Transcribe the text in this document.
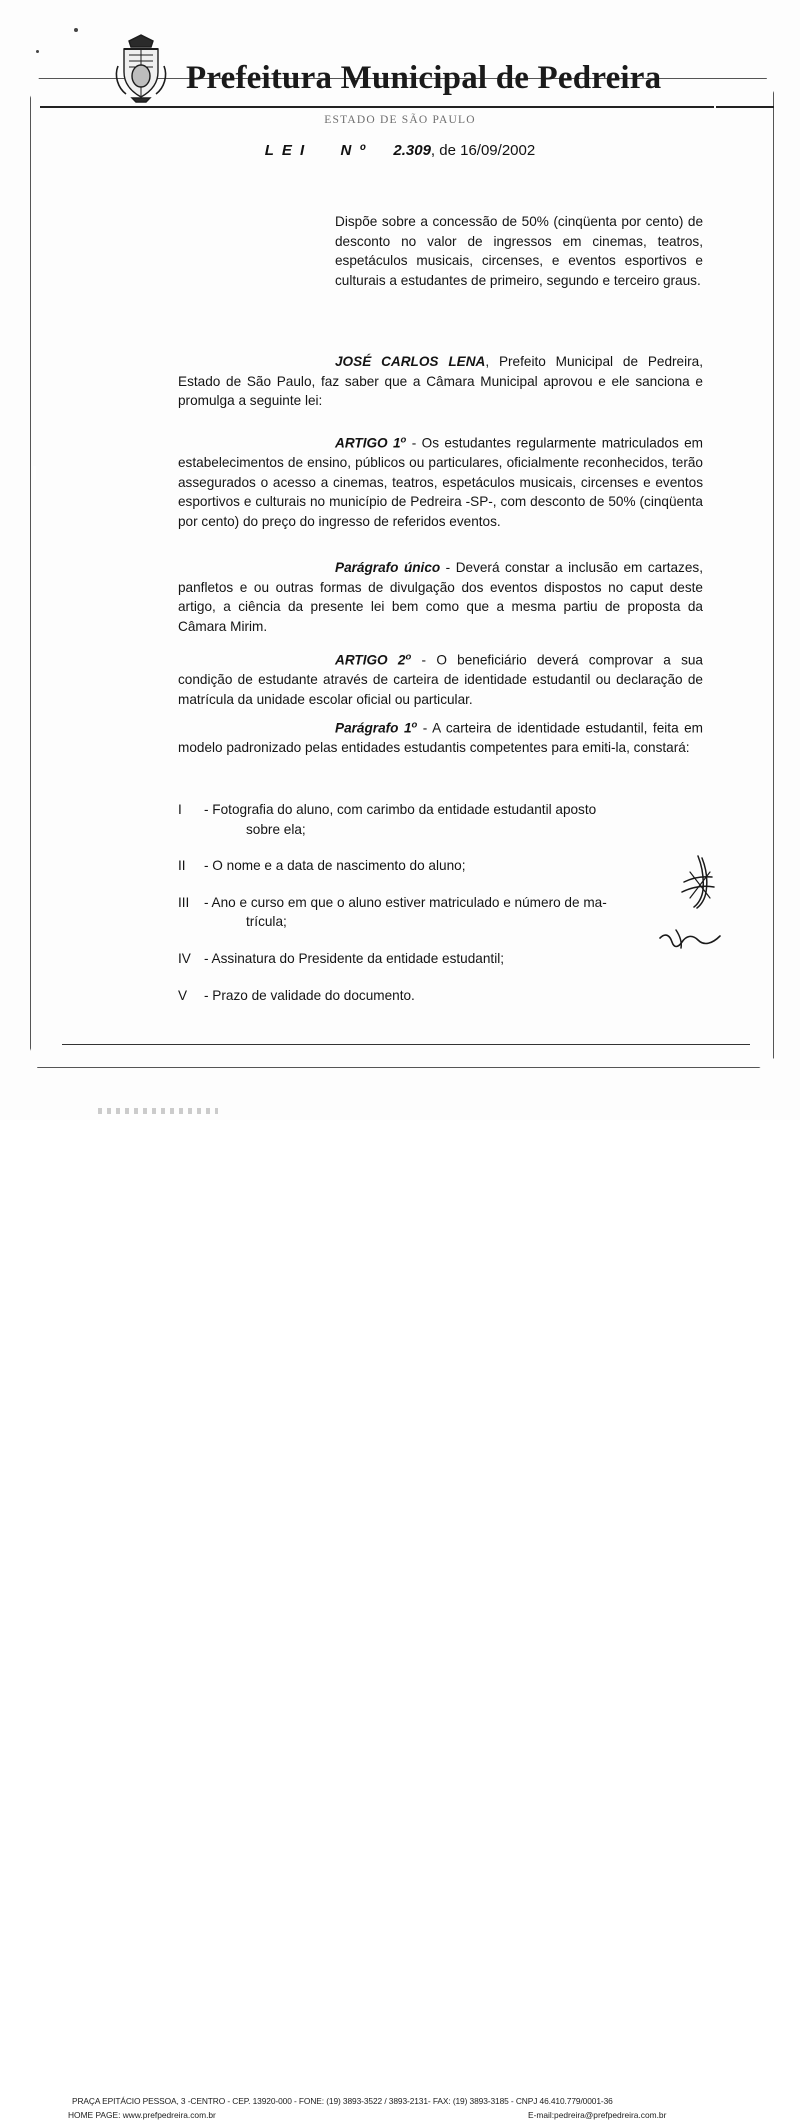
Prefeitura Municipal de Pedreira
ESTADO DE SÃO PAULO
L E I N º 2.309, de 16/09/2002
Dispõe sobre a concessão de 50% (cinqüenta por cento) de desconto no valor de ingressos em cinemas, teatros, espetáculos musicais, circenses, e eventos esportivos e culturais a estudantes de primeiro, segundo e terceiro graus.

JOSÉ CARLOS LENA, Prefeito Municipal de Pedreira, Estado de São Paulo, faz saber que a Câmara Municipal aprovou e ele sanciona e promulga a seguinte lei:

ARTIGO 1$^o$ - Os estudantes regularmente matriculados em estabelecimentos de ensino, públicos ou particulares, oficialmente reconhecidos, terão assegurados o acesso a cinemas, teatros, espetáculos musicais, circenses e eventos esportivos e culturais no município de Pedreira -SP-, com desconto de 50% (cinqüenta por cento) do preço do ingresso de referidos eventos.

Parágrafo único - Deverá constar a inclusão em cartazes, panfletos e ou outras formas de divulgação dos eventos dispostos no caput deste artigo, a ciência da presente lei bem como que a mesma partiu de proposta da Câmara Mirim.

ARTIGO 2$^o$ - O beneficiário deverá comprovar a sua condição de estudante através de carteira de identidade estudantil ou declaração de matrícula da unidade escolar oficial ou particular.

Parágrafo 1$^o$ - A carteira de identidade estudantil, feita em modelo padronizado pelas entidades estudantis competentes para emiti-la, constará:

I	- Fotografia do aluno, com carimbo da entidade estudantil aposto
sobre ela;
II	- O nome e a data de nascimento do aluno;
III	- Ano e curso em que o aluno estiver matriculado e número de ma-
trícula;
IV - Assinatura do Presidente da entidade estudantil;
V	- Prazo de validade do documento.
PRAÇA EPITÁCIO PESSOA, 3 -CENTRO - CEP. 13920-000 - FONE: (19) 3893-3522 / 3893-2131- FAX: (19) 3893-3185 - CNPJ 46.410.779/0001-36
HOME PAGE: www.prefpedreira.com.br	E-mail:pedreira@prefpedreira.com.br
